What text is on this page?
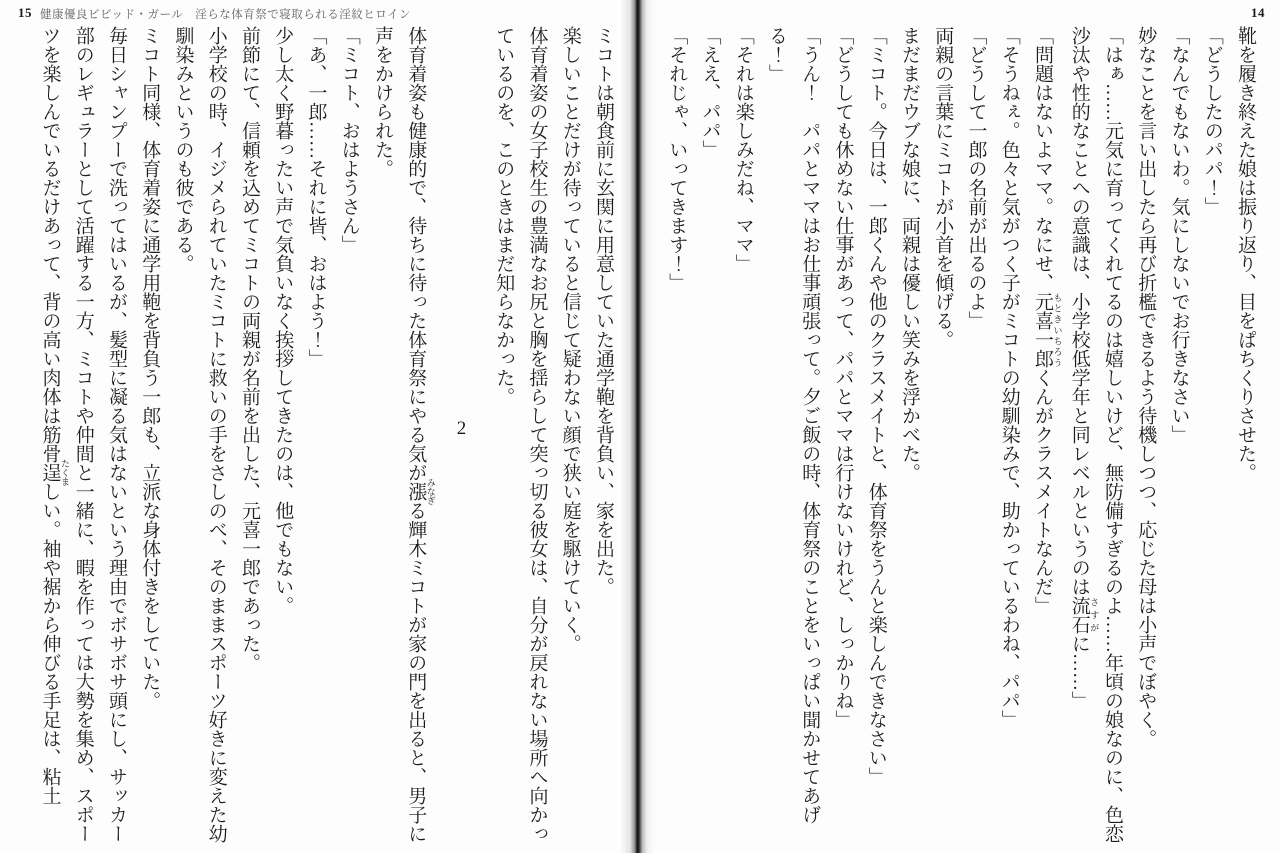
15 健康優良ビビッド・ガール　淫らな体育祭で寝取られる淫紋ヒロイン

ミコトは朝食前に玄関に用意していた通学鞄を背負い、家を出た。

楽しいことだけが待っていると信じて疑わない顔で狭い庭を駆けていく。

体育着姿の女子校生の豊満なお尻と胸を揺らして突っ切る彼女は、自分が戻れない場所へ向かっているのを、このときはまだ知らなかった。

2

体育着姿も健康的で、待ちに待った体育祭にやる気が漲 みなぎる輝木ミコトが家の門を出ると、男子に声をかけられた。

「ミコト、おはようさん」

「あ、一郎……それに皆、おはよう！」

少し太く野暮ったい声で気負いなく挨拶してきたのは、他でもない。

前節にて、信頼を込めてミコトの両親が名前を出した、元喜一郎であった。

小学校の時、イジメられていたミコトに救いの手をさしのべ、そのままスポーツ好きに変えた幼馴染みというのも彼である。

ミコト同様、体育着姿に通学用鞄を背負う一郎も、立派な身体付きをしていた。

毎日シャンプーで洗ってはいるが、髪型に凝る気はないという理由でボサボサ頭にし、サッカー部のレギュラーとして活躍する一方、ミコトや仲間と一緒に、暇を作っては大勢を集め、スポーツを楽しんでいるだけあって、背の高い肉体は筋骨逞 たくましい。袖や裾から伸びる手足は、粘土

14

靴を履き終えた娘は振り返り、目をぱちくりさせた。

「どうしたのパパ！」

「なんでもないわ。気にしないでお行きなさい」

妙なことを言い出したら再び折檻できるよう待機しつつ、応じた母は小声でぼやく。

「はぁ……元気に育ってくれてるのは嬉しいけど、無防備すぎるのよ……年頃の娘なのに、色恋沙汰や性的なことへの意識は、小学校低学年と同レベルというのは流石 さすがに……」

「問題はないよママ。なにせ、元喜一郎 もときいちろうくんがクラスメイトなんだ」

「そうねぇ。色々と気がつく子がミコトの幼馴染みで、助かっているわね、パパ」

「どうして一郎の名前が出るのよ」

両親の言葉にミコトが小首を傾げる。

まだまだウブな娘に、両親は優しい笑みを浮かべた。

「ミコト。今日は、一郎くんや他のクラスメイトと、体育祭をうんと楽しんできなさい」

「どうしても休めない仕事があって、パパとママは行けないけれど、しっかりね」

「うん！　パパとママはお仕事頑張って。夕ご飯の時、体育祭のことをいっぱい聞かせてあげる！」

「それは楽しみだね、ママ」

「ええ、パパ」

「それじゃ、いってきます！」
